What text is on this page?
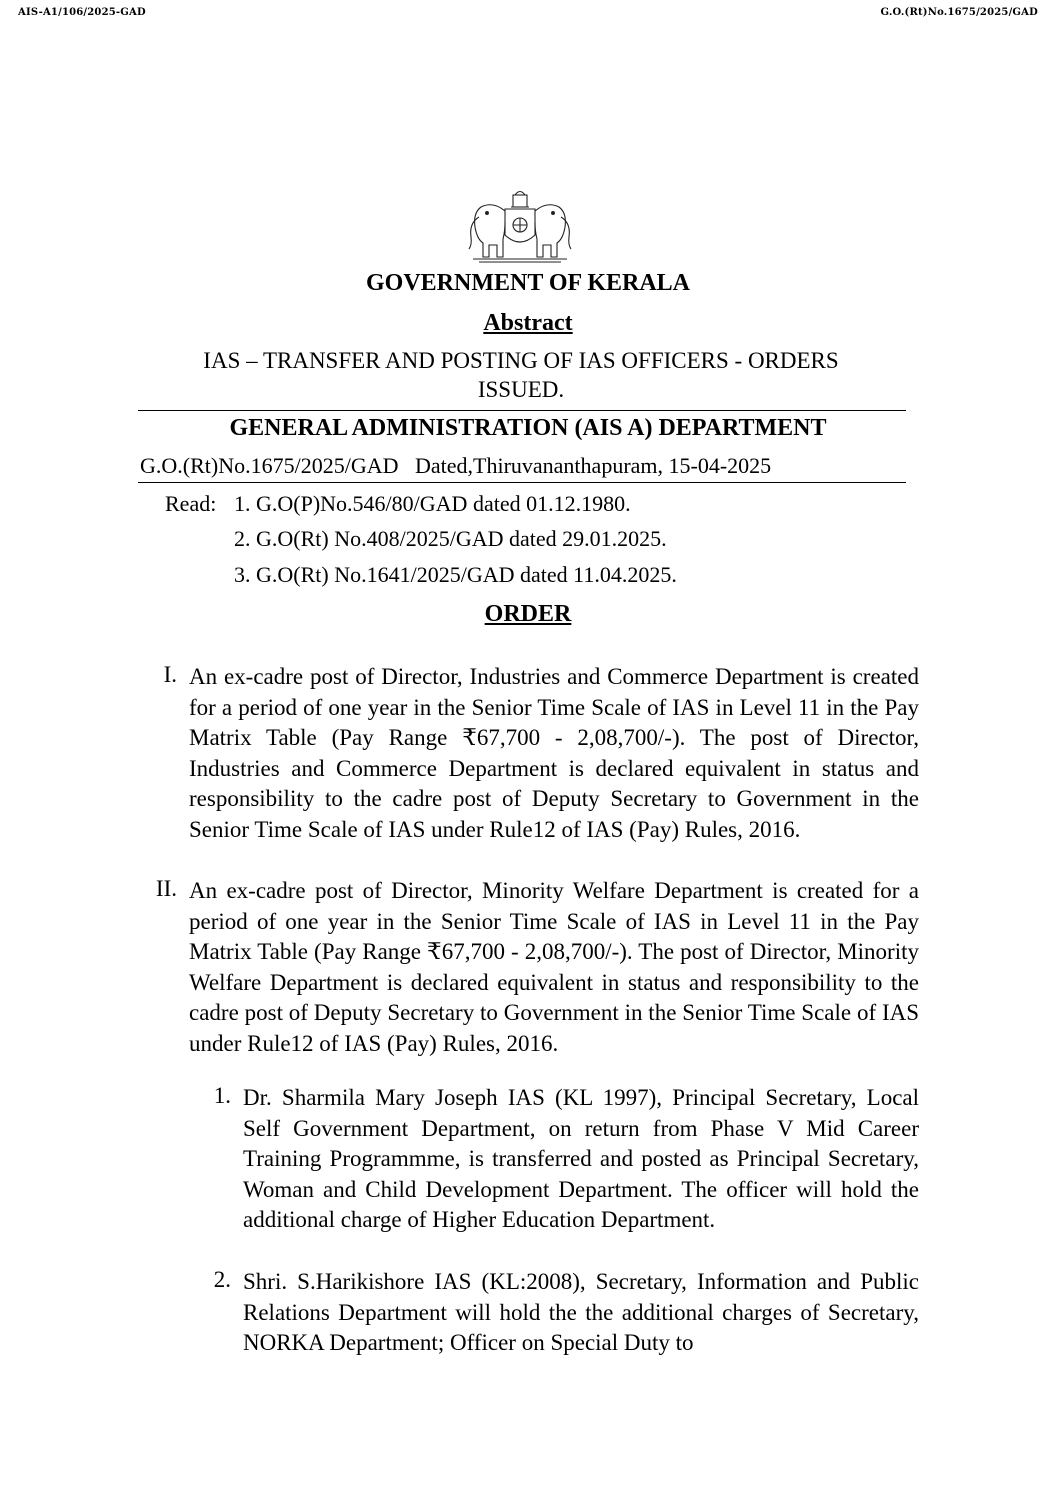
AIS-A1/106/2025-GAD	G.O.(Rt)No.1675/2025/GAD
GOVERNMENT OF KERALA
Abstract
IAS – TRANSFER AND POSTING OF IAS OFFICERS - ORDERS ISSUED.
GENERAL ADMINISTRATION (AIS A) DEPARTMENT
G.O.(Rt)No.1675/2025/GAD Dated,Thiruvananthapuram, 15-04-2025
Read: 1. G.O(P)No.546/80/GAD dated 01.12.1980.
2. G.O(Rt) No.408/2025/GAD dated 29.01.2025.
3. G.O(Rt) No.1641/2025/GAD dated 11.04.2025.
ORDER
I. An ex-cadre post of Director, Industries and Commerce Department is created for a period of one year in the Senior Time Scale of IAS in Level 11 in the Pay Matrix Table (Pay Range ₹67,700 - 2,08,700/-). The post of Director, Industries and Commerce Department is declared equivalent in status and responsibility to the cadre post of Deputy Secretary to Government in the Senior Time Scale of IAS under Rule12 of IAS (Pay) Rules, 2016.
II. An ex-cadre post of Director, Minority Welfare Department is created for a period of one year in the Senior Time Scale of IAS in Level 11 in the Pay Matrix Table (Pay Range ₹67,700 - 2,08,700/-). The post of Director, Minority Welfare Department is declared equivalent in status and responsibility to the cadre post of Deputy Secretary to Government in the Senior Time Scale of IAS under Rule12 of IAS (Pay) Rules, 2016.
1. Dr. Sharmila Mary Joseph IAS (KL 1997), Principal Secretary, Local Self Government Department, on return from Phase V Mid Career Training Programmme, is transferred and posted as Principal Secretary, Woman and Child Development Department. The officer will hold the additional charge of Higher Education Department.
2. Shri. S.Harikishore IAS (KL:2008), Secretary, Information and Public Relations Department will hold the the additional charges of Secretary, NORKA Department; Officer on Special Duty to
